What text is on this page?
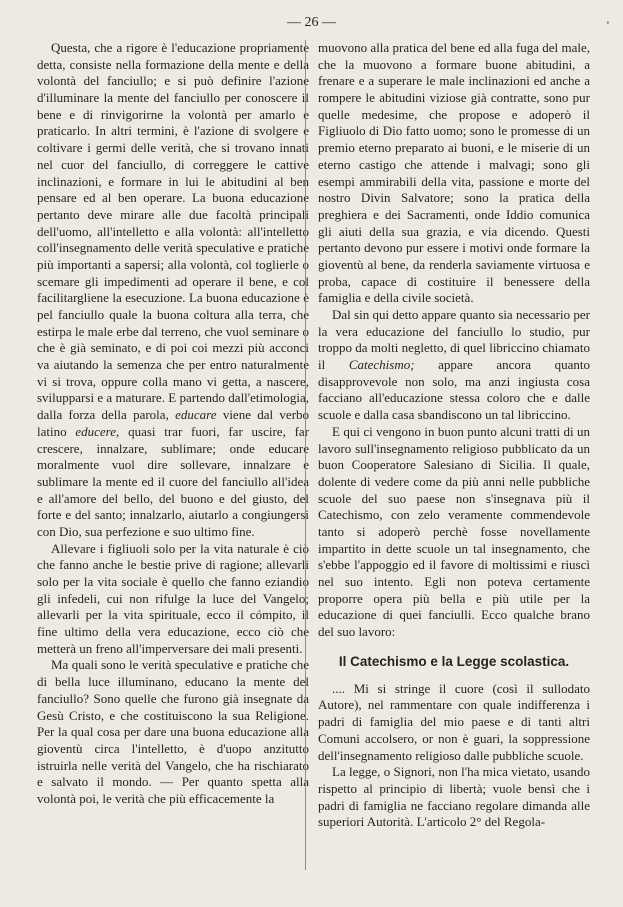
— 26 —	'

Questa, che a rigore è l'educazione propriamente detta, consiste nella formazione della mente e della volontà del fanciullo; e si può definire l'azione d'illuminare la mente del fanciullo per conoscere il bene e di rinvigorirne la volontà per amarlo e praticarlo. In altri termini, è l'azione di svolgere e coltivare i germi delle verità, che si trovano innati nel cuor del fanciullo, di correggere le cattive inclinazioni, e formare in lui le abitudini al ben pensare ed al ben operare. La buona educazione pertanto deve mirare alle due facoltà principali dell'uomo, all'intelletto e alla volontà: all'intelletto coll'insegnamento delle verità speculative e pratiche più importanti a sapersi; alla volontà, col toglierle o scemare gli impedimenti ad operare il bene, e col facilitargliene la esecuzione. La buona educazione è pel fanciullo quale la buona coltura alla terra, che estirpa le male erbe dal terreno, che vuol seminare o che è già seminato, e di poi coi mezzi più acconci va aiutando la semenza che per entro naturalmente vi si trova, oppure colla mano vi getta, a nascere, svilupparsi e a maturare. E partendo dall'etimologia, dalla forza della parola, educare viene dal verbo latino educere, quasi trar fuori, far uscire, far crescere, innalzare, sublimare; onde educare moralmente vuol dire sollevare, innalzare e sublimare la mente ed il cuore del fanciullo all'idea e all'amore del bello, del buono e del giusto, del forte e del santo; innalzarlo, aiutarlo a congiungersi con Dio, sua perfezione e suo ultimo fine.

Allevare i figliuoli solo per la vita naturale è ciò che fanno anche le bestie prive di ragione; allevarli solo per la vita sociale è quello che fanno eziandio gli infedeli, cui non rifulge la luce del Vangelo; allevarli per la vita spirituale, ecco il cómpito, il fine ultimo della vera educazione, ecco ciò che metterà un freno all'imperversare dei mali presenti.

Ma quali sono le verità speculative e pratiche che di bella luce illuminano, educano la mente del fanciullo? Sono quelle che furono già insegnate da Gesù Cristo, e che costituiscono la sua Religione. Per la qual cosa per dare una buona educazione alla gioventù circa l'intelletto, è d'uopo anzitutto istruirla nelle verità del Vangelo, che ha rischiarato e salvato il mondo. — Per quanto spetta alla volontà poi, le verità che più efficacemente la

muovono alla pratica del bene ed alla fuga del male, che la muovono a formare buone abitudini, a frenare e a superare le male inclinazioni ed anche a rompere le abitudini viziose già contratte, sono pur quelle medesime, che propose e adoperò il Figliuolo di Dio fatto uomo; sono le promesse di un premio eterno preparato ai buoni, e le miserie di un eterno castigo che attende i malvagi; sono gli esempi ammirabili della vita, passione e morte del nostro Divin Salvatore; sono la pratica della preghiera e dei Sacramenti, onde Iddio comunica gli aiuti della sua grazia, e via dicendo. Questi pertanto devono pur essere i motivi onde formare la gioventù al bene, da renderla saviamente virtuosa e proba, capace di costituire il benessere della famiglia e della civile società.

Dal sin qui detto appare quanto sia necessario per la vera educazione del fanciullo lo studio, pur troppo da molti negletto, di quel libriccino chiamato il Catechismo; appare ancora quanto disapprovevole non solo, ma anzi ingiusta cosa facciano all'educazione stessa coloro che e dalle scuole e dalla casa sbandiscono un tal libriccino.

E qui ci vengono in buon punto alcuni tratti di un lavoro sull'insegnamento religioso pubblicato da un buon Cooperatore Salesiano di Sicilia. Il quale, dolente di vedere come da più anni nelle pubbliche scuole del suo paese non s'insegnava più il Catechismo, con zelo veramente commendevole tanto si adoperò perchè fosse novellamente impartito in dette scuole un tal insegnamento, che s'ebbe l'appoggio ed il favore di moltissimi e riuscì nel suo intento. Egli non poteva certamente proporre opera più bella e più utile per la educazione di quei fanciulli. Ecco qualche brano del suo lavoro:

Il Catechismo e la Legge scolastica.

.... Mi si stringe il cuore (così il sullodato Autore), nel rammentare con quale indifferenza i padri di famiglia del mio paese e di tanti altri Comuni accolsero, or non è guari, la soppressione dell'insegnamento religioso dalle pubbliche scuole.

La legge, o Signori, non l'ha mica vietato, usando rispetto al principio di libertà; vuole bensì che i padri di famiglia ne facciano regolare dimanda alle superiori Autorità. L'articolo 2° del Regola-
